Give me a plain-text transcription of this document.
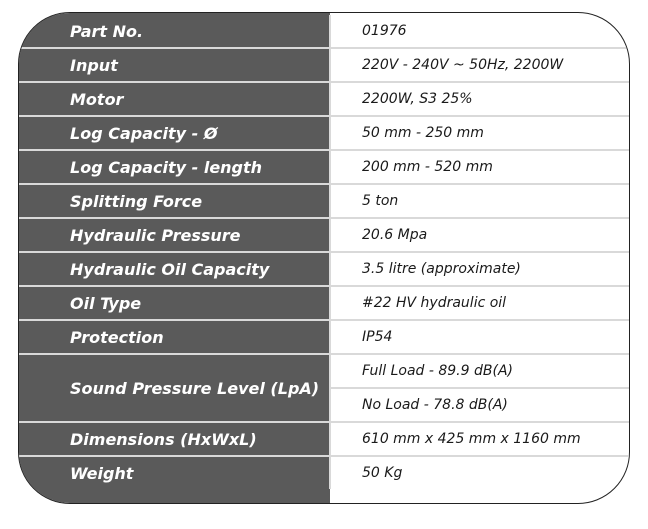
Part No.	01976
Input	220V - 240V ~ 50Hz, 2200W
Motor	2200W, S3 25%
Log Capacity - Ø	50 mm - 250 mm
Log Capacity - length	200 mm - 520 mm
Splitting Force	5 ton
Hydraulic Pressure	20.6 Mpa
Hydraulic Oil Capacity	3.5 litre (approximate)
Oil Type	#22 HV hydraulic oil
Protection	IP54
Sound Pressure Level (LpA)	Full Load - 89.9 dB(A)
	No Load - 78.8 dB(A)
Dimensions (HxWxL)	610 mm x 425 mm x 1160 mm
Weight	50 Kg
